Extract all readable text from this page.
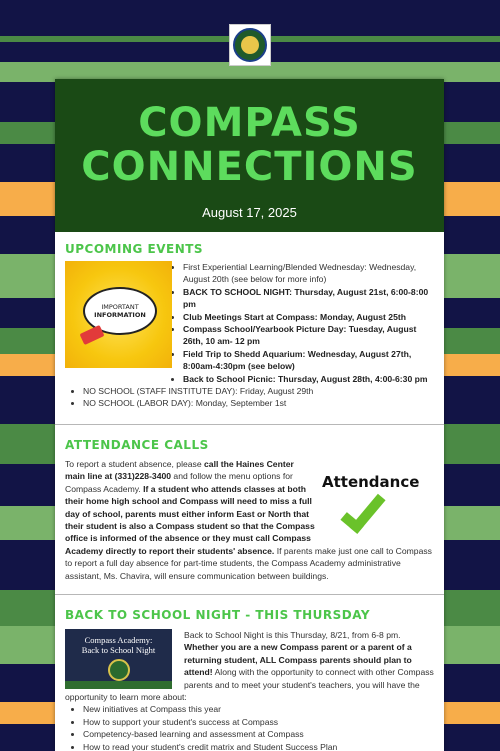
COMPASS CONNECTIONS
August 17, 2025
UPCOMING EVENTS
IMPORTANT
INFORMATION
• First Experiential Learning/Blended Wednesday: Wednesday, August 20th (see below for more info)
• BACK TO SCHOOL NIGHT: Thursday, August 21st, 6:00-8:00 pm
• Club Meetings Start at Compass: Monday, August 25th
• Compass School/Yearbook Picture Day: Tuesday, August 26th, 10 am- 12 pm
• Field Trip to Shedd Aquarium: Wednesday, August 27th, 8:00am-4:30pm (see below)
• Back to School Picnic: Thursday, August 28th, 4:00-6:30 pm
• NO SCHOOL (STAFF INSTITUTE DAY): Friday, August 29th
• NO SCHOOL (LABOR DAY): Monday, September 1st
ATTENDANCE CALLS
Attendance
To report a student absence, please call the Haines Center main line at (331)228-3400 and follow the menu options for Compass Academy. If a student who attends classes at both their home high school and Compass will need to miss a full day of school, parents must either inform East or North that their student is also a Compass student so that the Compass office is informed of the absence or they must call Compass Academy directly to report their students' absence. If parents make just one call to Compass to report a full day absence for part-time students, the Compass Academy administrative assistant, Ms. Chavira, will ensure communication between buildings.
BACK TO SCHOOL NIGHT - THIS THURSDAY
Compass Academy:
Back to School Night
Back to School Night is this Thursday, 8/21, from 6-8 pm. Whether you are a new Compass parent or a parent of a returning student, ALL Compass parents should plan to attend! Along with the opportunity to connect with other Compass parents and to meet your student's teachers, you will have the opportunity to learn more about:
• New initiatives at Compass this year
• How to support your student's success at Compass
• Competency-based learning and assessment at Compass
• How to read your student's credit matrix and Student Success Plan
